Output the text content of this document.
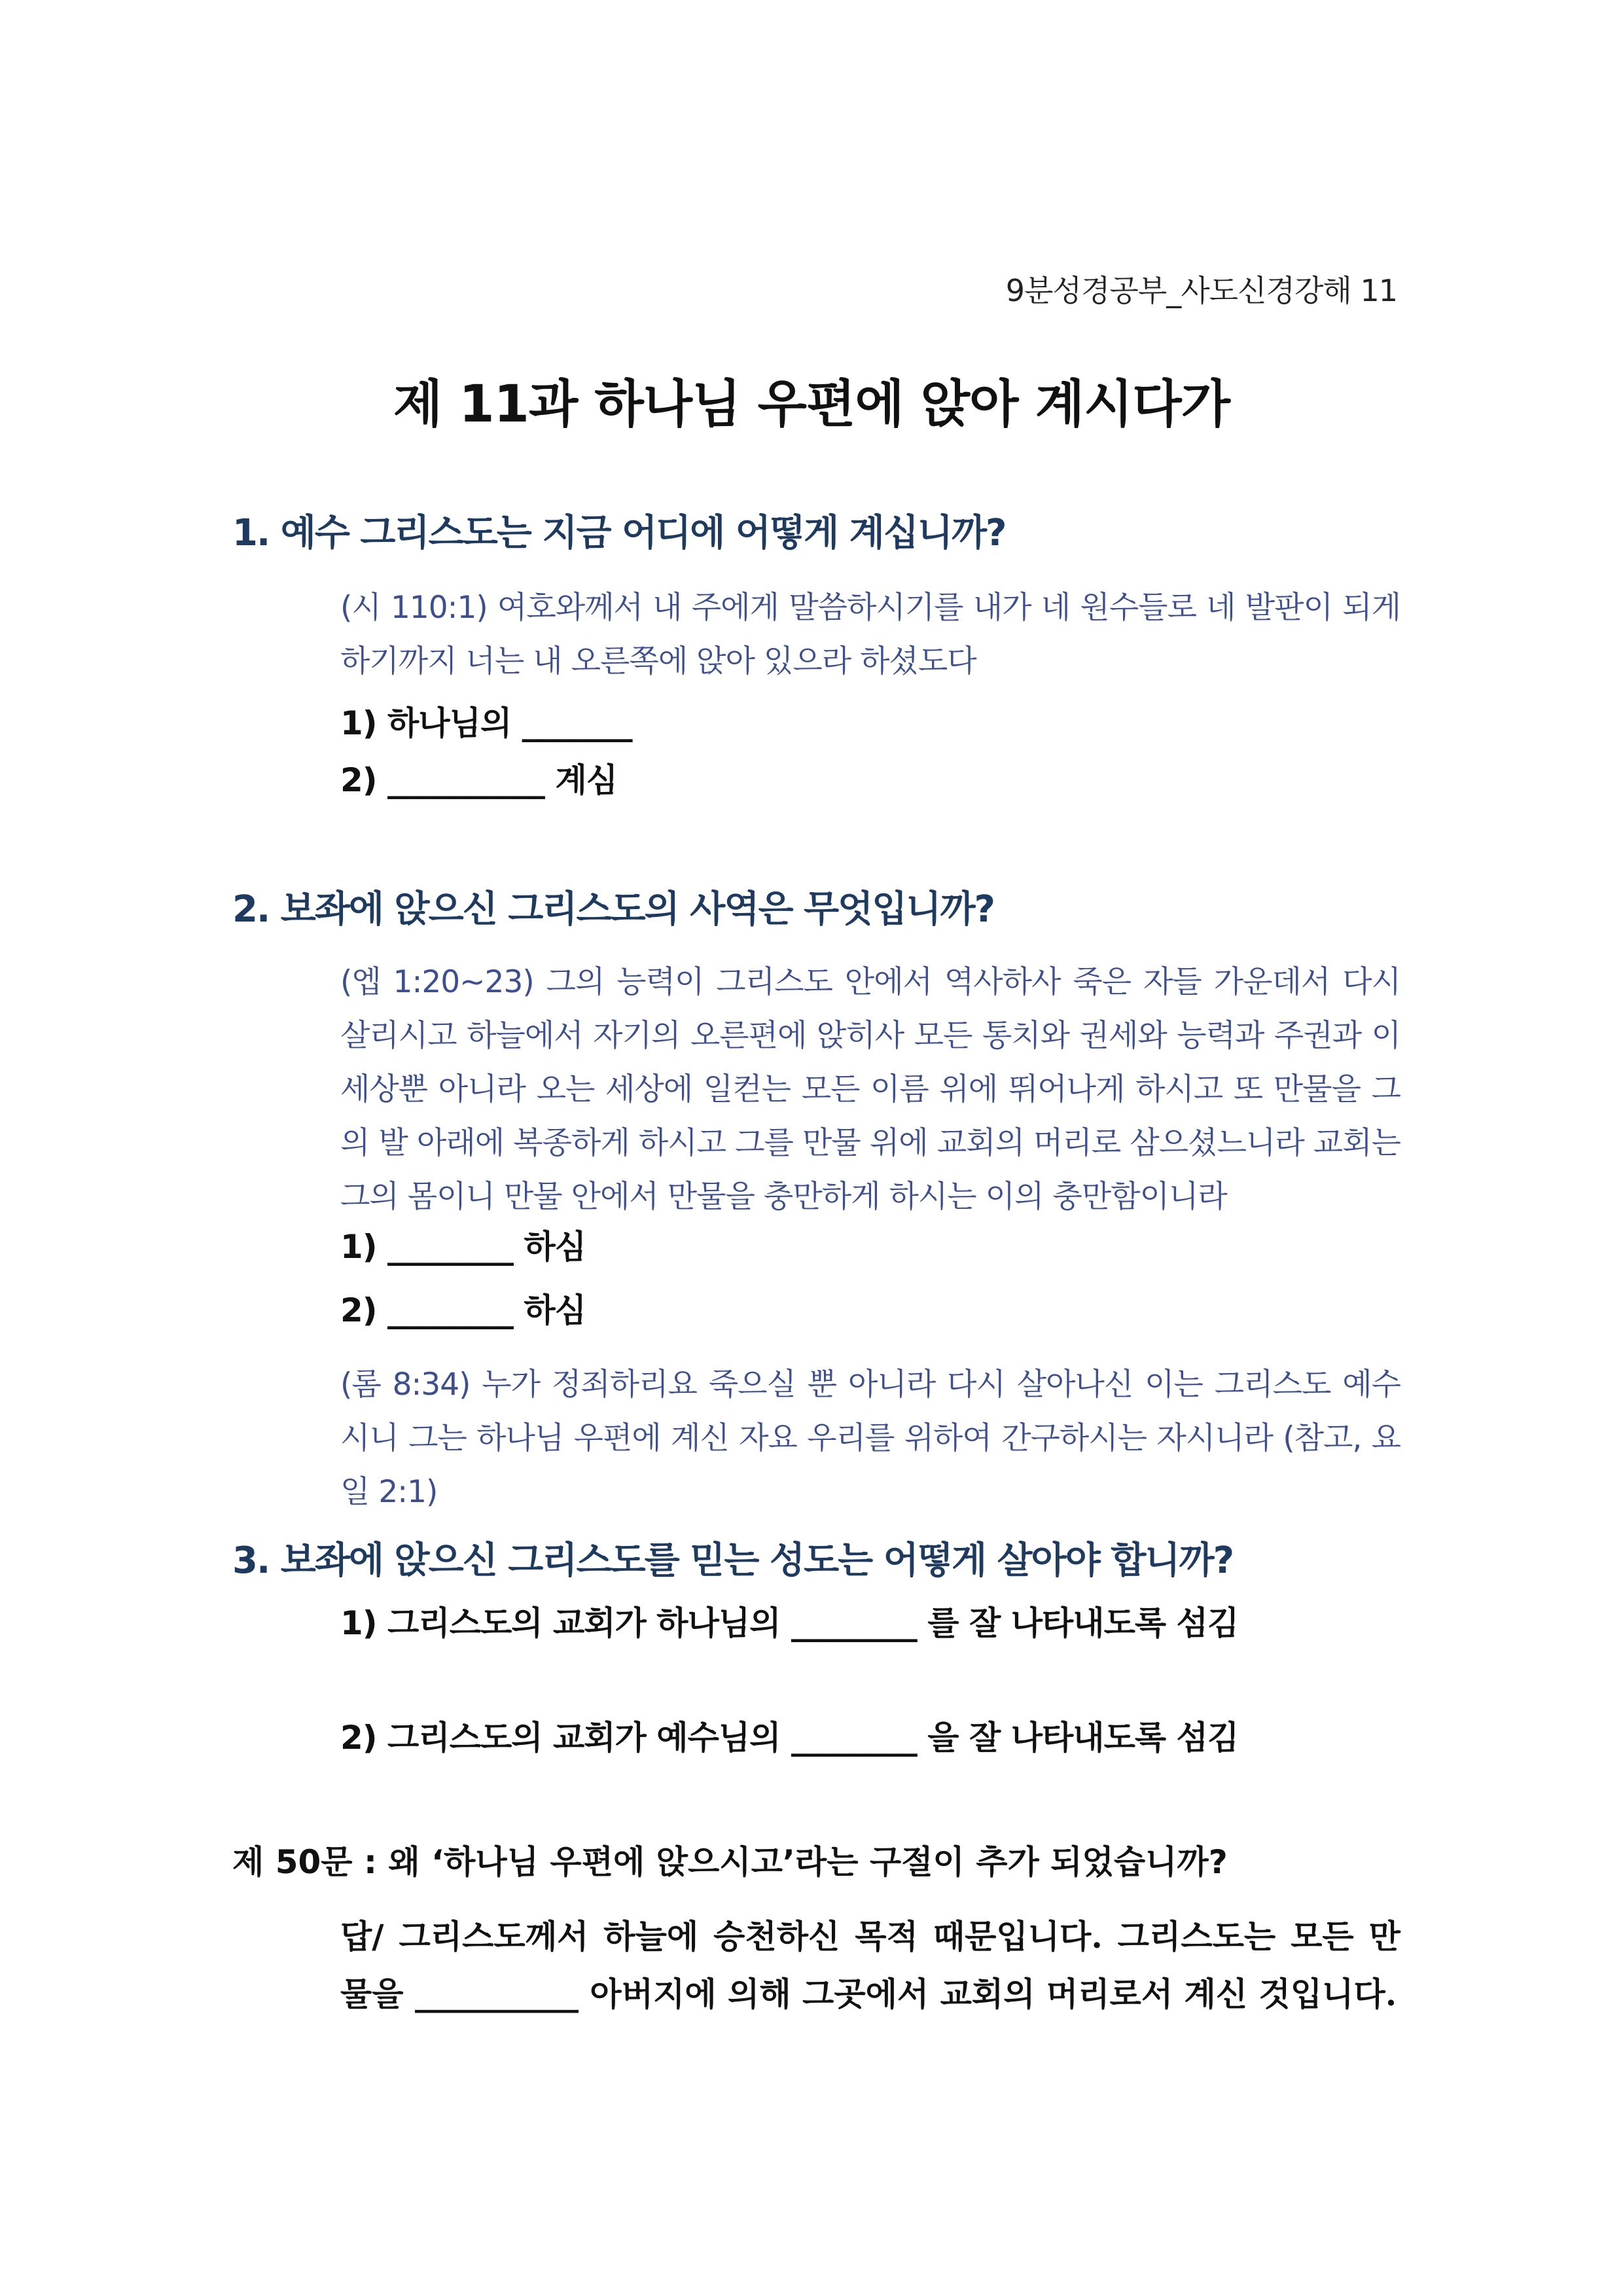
9분성경공부_사도신경강해 11
제 11과 하나님 우편에 앉아 계시다가
1. 예수 그리스도는 지금 어디에 어떻게 계십니까?
(시 110:1) 여호와께서 내 주에게 말씀하시기를 내가 네 원수들로 네 발판이 되게 하기까지 너는 내 오른쪽에 앉아 있으라 하셨도다
1) 하나님의 _______
2) __________ 계심
2. 보좌에 앉으신 그리스도의 사역은 무엇입니까?
(엡 1:20~23) 그의 능력이 그리스도 안에서 역사하사 죽은 자들 가운데서 다시 살리시고 하늘에서 자기의 오른편에 앉히사 모든 통치와 권세와 능력과 주권과 이 세상뿐 아니라 오는 세상에 일컫는 모든 이름 위에 뛰어나게 하시고 또 만물을 그의 발 아래에 복종하게 하시고 그를 만물 위에 교회의 머리로 삼으셨느니라 교회는 그의 몸이니 만물 안에서 만물을 충만하게 하시는 이의 충만함이니라
1) ________ 하심
2) ________ 하심
(롬 8:34) 누가 정죄하리요 죽으실 뿐 아니라 다시 살아나신 이는 그리스도 예수시니 그는 하나님 우편에 계신 자요 우리를 위하여 간구하시는 자시니라 (참고, 요일 2:1)
3. 보좌에 앉으신 그리스도를 믿는 성도는 어떻게 살아야 합니까?
1) 그리스도의 교회가 하나님의 ________ 를 잘 나타내도록 섬김
2) 그리스도의 교회가 예수님의 ________ 을 잘 나타내도록 섬김
제 50문 : 왜 ‘하나님 우편에 앉으시고’라는 구절이 추가 되었습니까?
답/ 그리스도께서 하늘에 승천하신 목적 때문입니다. 그리스도는 모든 만물을 __________ 아버지에 의해 그곳에서 교회의 머리로서 계신 것입니다.
